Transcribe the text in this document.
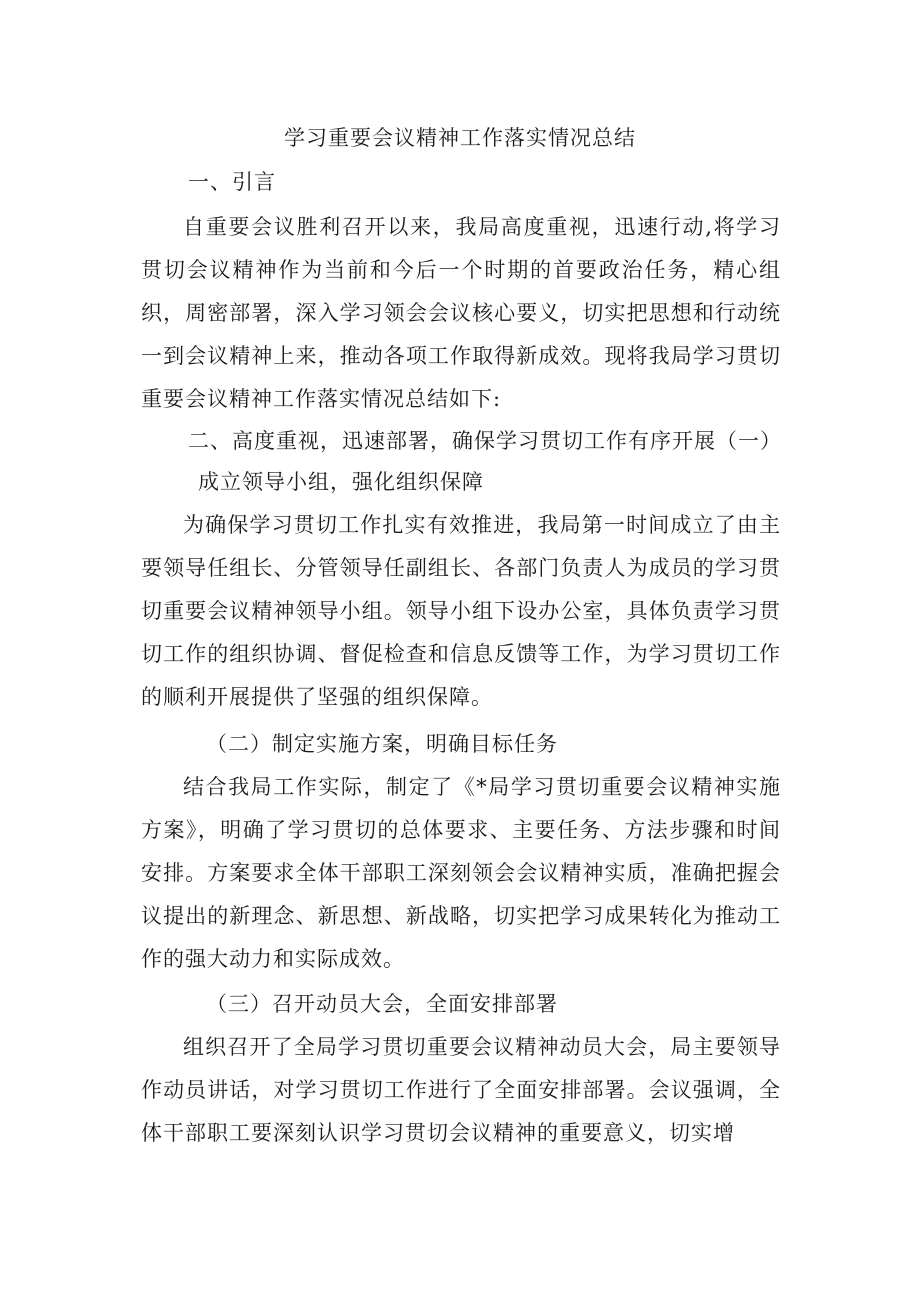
学习重要会议精神工作落实情况总结
一、引言
自重要会议胜利召开以来，我局高度重视，迅速行动,将学习贯切会议精神作为当前和今后一个时期的首要政治任务，精心组织，周密部署，深入学习领会会议核心要义，切实把思想和行动统一到会议精神上来，推动各项工作取得新成效。现将我局学习贯切重要会议精神工作落实情况总结如下:
二、高度重视，迅速部署，确保学习贯切工作有序开展（一）
成立领导小组，强化组织保障
为确保学习贯切工作扎实有效推进，我局第一时间成立了由主要领导任组长、分管领导任副组长、各部门负责人为成员的学习贯切重要会议精神领导小组。领导小组下设办公室，具体负责学习贯切工作的组织协调、督促检查和信息反馈等工作，为学习贯切工作的顺利开展提供了坚强的组织保障。
（二）制定实施方案，明确目标任务
结合我局工作实际，制定了《*局学习贯切重要会议精神实施方案》，明确了学习贯切的总体要求、主要任务、方法步骤和时间安排。方案要求全体干部职工深刻领会会议精神实质，准确把握会议提出的新理念、新思想、新战略，切实把学习成果转化为推动工作的强大动力和实际成效。
（三）召开动员大会，全面安排部署
组织召开了全局学习贯切重要会议精神动员大会，局主要领导作动员讲话，对学习贯切工作进行了全面安排部署。会议强调，全体干部职工要深刻认识学习贯切会议精神的重要意义，切实增
